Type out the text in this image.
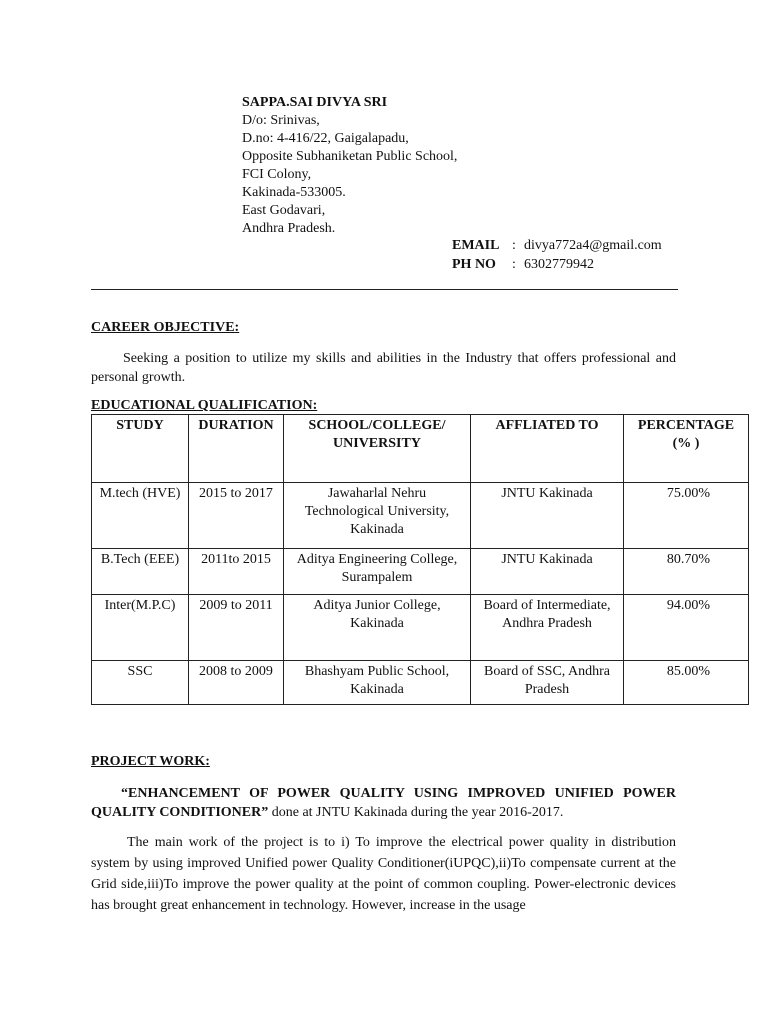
SAPPA.SAI DIVYA SRI
D/o: Srinivas,
D.no: 4-416/22, Gaigalapadu,
Opposite Subhaniketan Public School,
FCI Colony,
Kakinada-533005.
East Godavari,
Andhra Pradesh.
EMAIL : divya772a4@gmail.com
PH NO	: 6302779942
CAREER OBJECTIVE:
Seeking a position to utilize my skills and abilities in the Industry that offers professional and personal growth.
EDUCATIONAL QUALIFICATION:
STUDY	DURATION	SCHOOL/COLLEGE/ UNIVERSITY	AFFLIATED TO	PERCENTAGE (% )
M.tech (HVE)	2015 to 2017	Jawaharlal Nehru Technological University, Kakinada	JNTU Kakinada	75.00%
B.Tech (EEE)	2011to 2015	Aditya Engineering College, Surampalem	JNTU Kakinada	80.70%
Inter(M.P.C)	2009 to 2011	Aditya Junior College, Kakinada	Board of Intermediate, Andhra Pradesh	94.00%
SSC	2008 to 2009	Bhashyam Public School, Kakinada	Board of SSC, Andhra Pradesh	85.00%
PROJECT WORK:
“ENHANCEMENT OF POWER QUALITY USING IMPROVED UNIFIED POWER QUALITY CONDITIONER” done at JNTU Kakinada during the year 2016-2017.
The main work of the project is to i) To improve the electrical power quality in distribution system by using improved Unified power Quality Conditioner(iUPQC),ii)To compensate current at the Grid side,iii)To improve the power quality at the point of common coupling. Power-electronic devices has brought great enhancement in technology. However, increase in the usage
